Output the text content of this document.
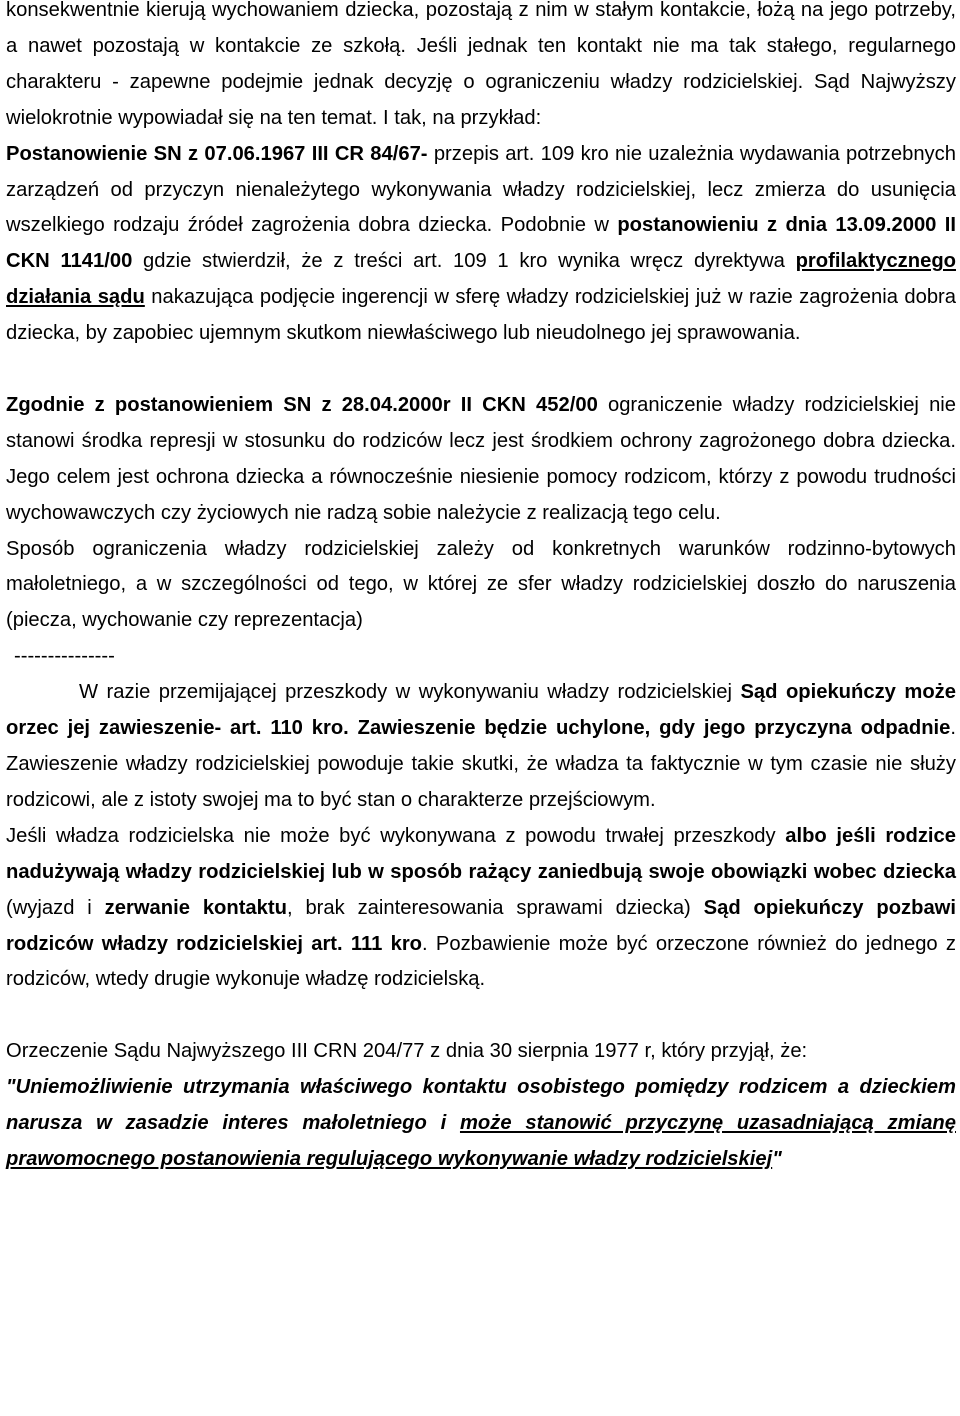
konsekwentnie kierują wychowaniem dziecka, pozostają z nim w stałym kontakcie, łożą na jego potrzeby, a nawet pozostają w kontakcie ze szkołą. Jeśli jednak ten kontakt nie ma tak stałego, regularnego charakteru - zapewne podejmie jednak decyzję o ograniczeniu władzy rodzicielskiej. Sąd Najwyższy wielokrotnie wypowiadał się na ten temat. I tak, na przykład:
Postanowienie SN z 07.06.1967 III CR 84/67- przepis art. 109 kro nie uzależnia wydawania potrzebnych zarządzeń od przyczyn nienależytego wykonywania władzy rodzicielskiej, lecz zmierza do usunięcia wszelkiego rodzaju źródeł zagrożenia dobra dziecka. Podobnie w postanowieniu z dnia 13.09.2000 II CKN 1141/00 gdzie stwierdził, że z treści art. 109 1 kro wynika wręcz dyrektywa profilaktycznego działania sądu nakazująca podjęcie ingerencji w sferę władzy rodzicielskiej już w razie zagrożenia dobra dziecka, by zapobiec ujemnym skutkom niewłaściwego lub nieudolnego jej sprawowania.

Zgodnie z postanowieniem SN z 28.04.2000r II CKN 452/00 ograniczenie władzy rodzicielskiej nie stanowi środka represji w stosunku do rodziców lecz jest środkiem ochrony zagrożonego dobra dziecka. Jego celem jest ochrona dziecka a równocześnie niesienie pomocy rodzicom, którzy z powodu trudności wychowawczych czy życiowych nie radzą sobie należycie z realizacją tego celu.

Sposób ograniczenia władzy rodzicielskiej zależy od konkretnych warunków rodzinno-bytowych małoletniego, a w szczególności od tego, w której ze sfer władzy rodzicielskiej doszło do naruszenia (piecza, wychowanie czy reprezentacja)

---------------

W razie przemijającej przeszkody w wykonywaniu władzy rodzicielskiej Sąd opiekuńczy może orzec jej zawieszenie- art. 110 kro. Zawieszenie będzie uchylone, gdy jego przyczyna odpadnie. Zawieszenie władzy rodzicielskiej powoduje takie skutki, że władza ta faktycznie w tym czasie nie służy rodzicowi, ale z istoty swojej ma to być stan o charakterze przejściowym.

Jeśli władza rodzicielska nie może być wykonywana z powodu trwałej przeszkody albo jeśli rodzice nadużywają władzy rodzicielskiej lub w sposób rażący zaniedbują swoje obowiązki wobec dziecka (wyjazd i zerwanie kontaktu, brak zainteresowania sprawami dziecka) Sąd opiekuńczy pozbawi rodziców władzy rodzicielskiej art. 111 kro. Pozbawienie może być orzeczone również do jednego z rodziców, wtedy drugie wykonuje władzę rodzicielską.

Orzeczenie Sądu Najwyższego III CRN 204/77 z dnia 30 sierpnia 1977 r, który przyjął, że:

"Uniemożliwienie utrzymania właściwego kontaktu osobistego pomiędzy rodzicem a dzieckiem narusza w zasadzie interes małoletniego i może stanowić przyczynę uzasadniającą zmianę prawomocnego postanowienia regulującego wykonywanie władzy rodzicielskiej"
